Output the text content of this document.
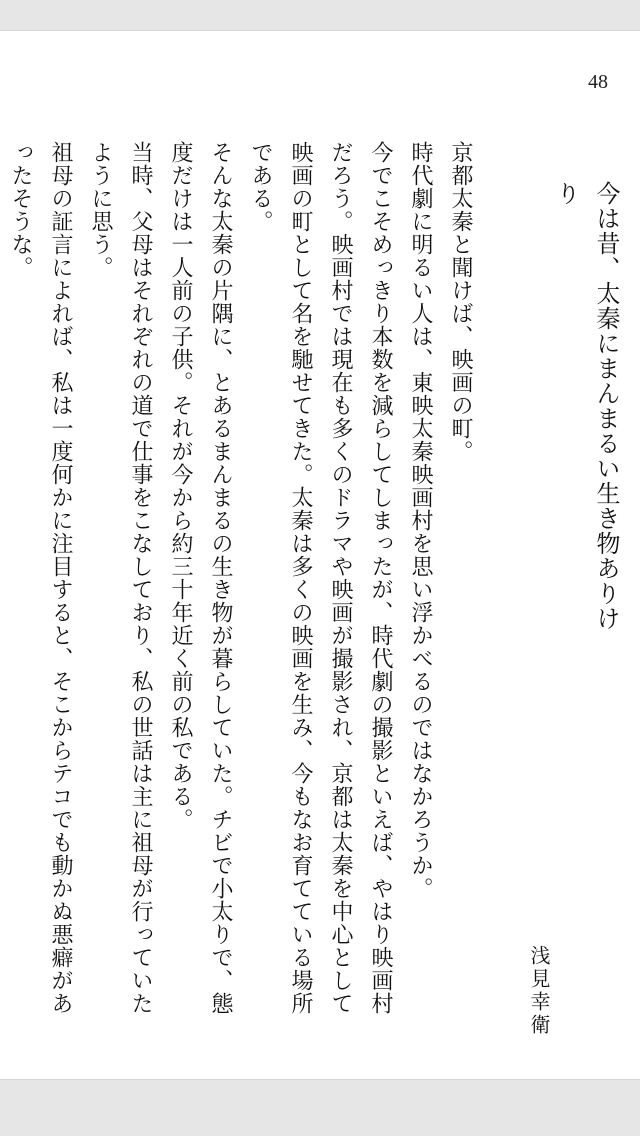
48
今は昔、太秦にまんまるい生き物ありけり
浅見幸衛

京都太秦と聞けば、映画の町。

時代劇に明るい人は、東映太秦映画村を思い浮かべるのではなかろうか。

今でこそめっきり本数を減らしてしまったが、時代劇の撮影といえば、やはり映画村だろう。映画村では現在も多くのドラマや映画が撮影され、京都は太秦を中心として映画の町として名を馳せてきた。太秦は多くの映画を生み、今もなお育てている場所である。

そんな太秦の片隅に、とあるまんまるの生き物が暮らしていた。チビで小太りで、態度だけは一人前の子供。それが今から約三十年近く前の私である。

当時、父母はそれぞれの道で仕事をこなしており、私の世話は主に祖母が行っていたように思う。

祖母の証言によれば、私は一度何かに注目すると、そこからテコでも動かぬ悪癖があったそうな。
